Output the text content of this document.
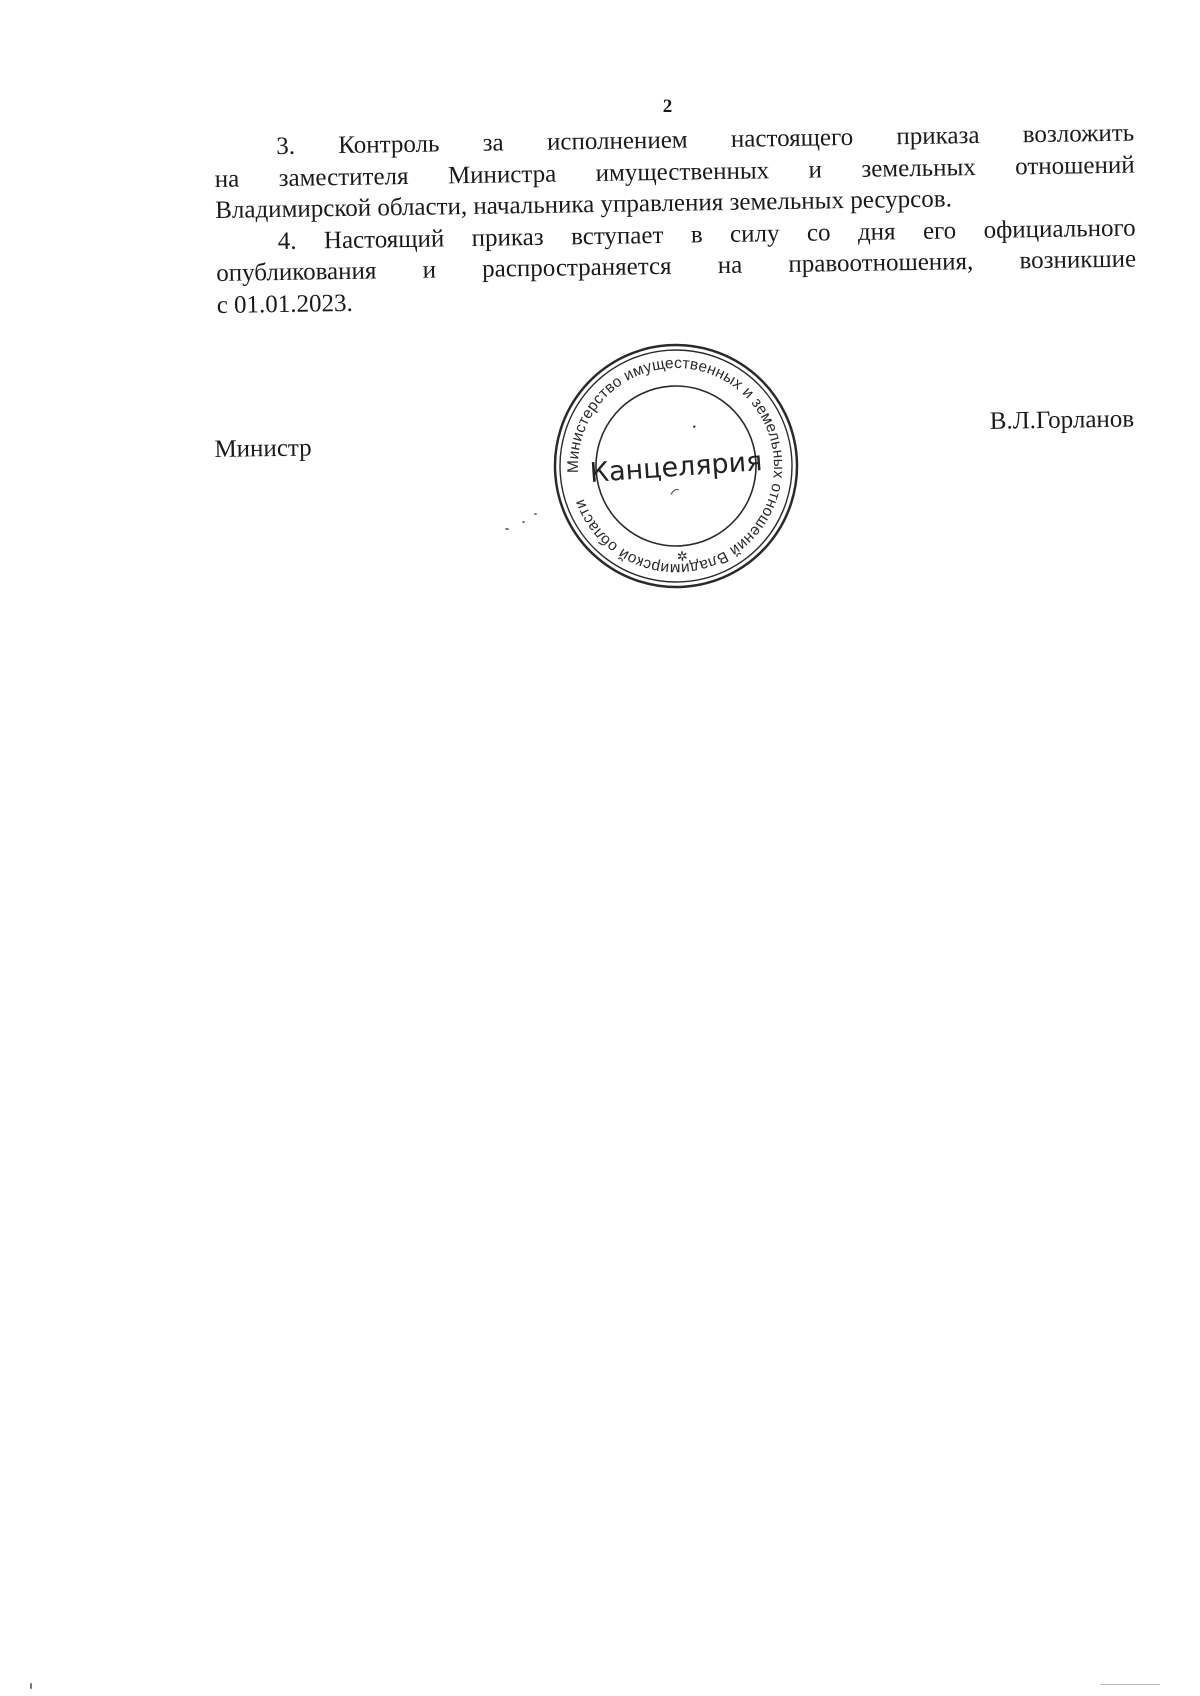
2
3. Контроль за исполнением настоящего приказа возложить
на заместителя Министра имущественных и земельных отношений
Владимирской области, начальника управления земельных ресурсов.
4. Настоящий приказ вступает в силу со дня его официального
опубликования и распространяется на правоотношения, возникшие
с 01.01.2023.
Министр
В.Л.Горланов
Министерство имущественных и земельных отношений Владимирской области
Канцелярия
✲
